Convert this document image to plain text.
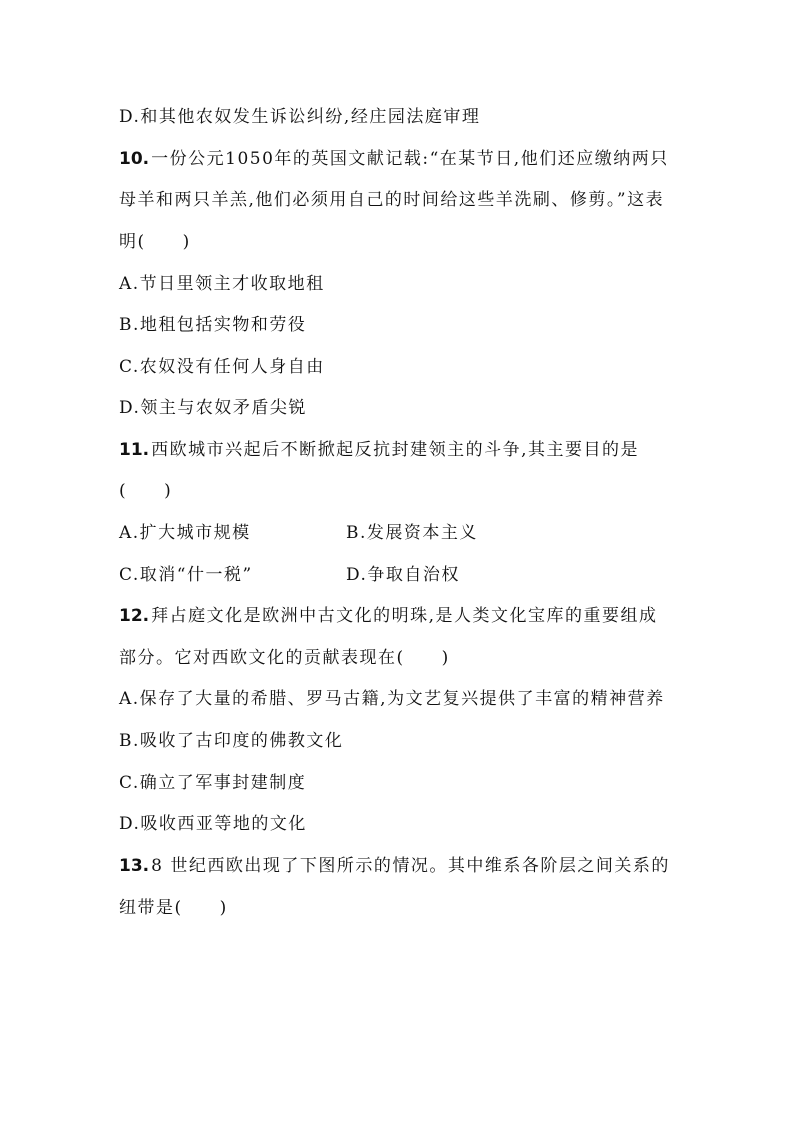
D.和其他农奴发生诉讼纠纷,经庄园法庭审理
10. 一份公元1050年的英国文献记载:“在某节日,他们还应缴纳两只
母羊和两只羊羔,他们必须用自己的时间给这些羊洗刷、修剪。”这表
明(　　)
A.节日里领主才收取地租
B.地租包括实物和劳役
C.农奴没有任何人身自由
D.领主与农奴矛盾尖锐
11. 西欧城市兴起后不断掀起反抗封建领主的斗争,其主要目的是
(　　)
A.扩大城市规模	B.发展资本主义
C.取消“什一税”	D.争取自治权
12. 拜占庭文化是欧洲中古文化的明珠,是人类文化宝库的重要组成
部分。它对西欧文化的贡献表现在(　　)
A.保存了大量的希腊、罗马古籍,为文艺复兴提供了丰富的精神营养
B.吸收了古印度的佛教文化
C.确立了军事封建制度
D.吸收西亚等地的文化
13. 8 世纪西欧出现了下图所示的情况。其中维系各阶层之间关系的
纽带是(　　)
